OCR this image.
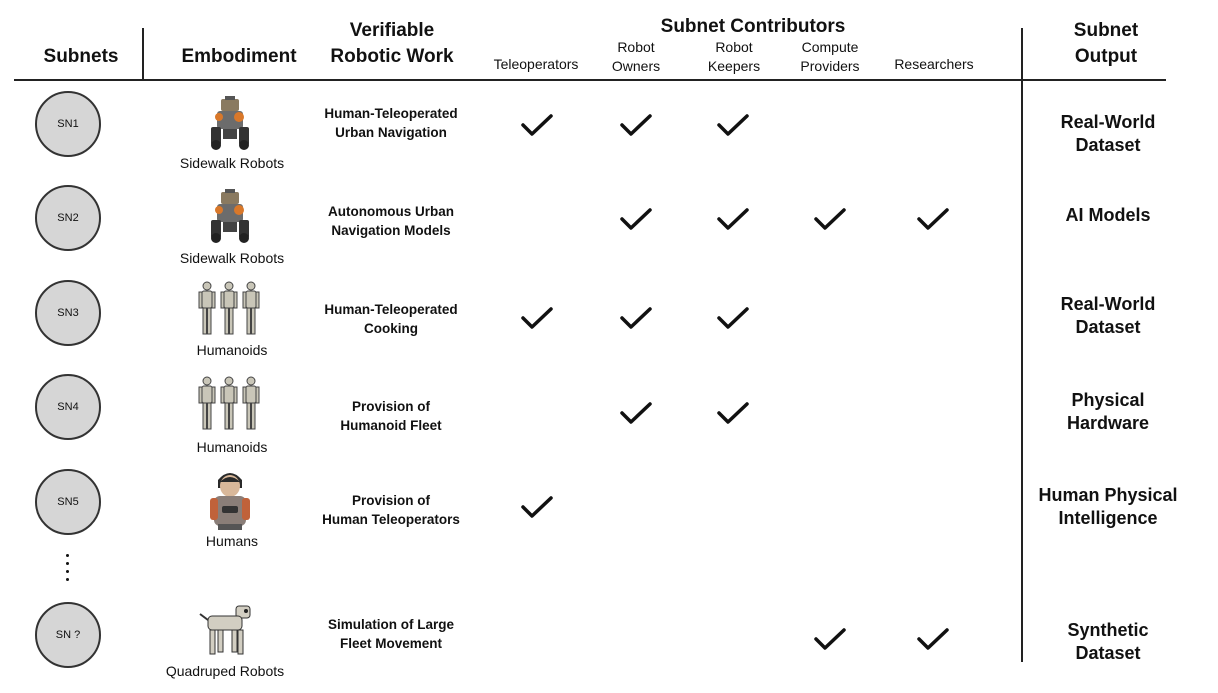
Subnets	Embodiment
Verifiable
Robotic Work
Subnet Contributors
Teleoperators
Robot
Owners
Robot
Keepers
Compute
Providers	Researchers
Subnet
Output
SN1
SN2
SN3
SN4
SN5
SN ?
Sidewalk Robots
Sidewalk Robots
Humanoids
Humanoids
Humans
Quadruped Robots
Human-Teleoperated
Urban Navigation
Autonomous Urban
Navigation Models
Human-Teleoperated
Cooking
Provision of
Humanoid Fleet
Provision of
Human Teleoperators
Simulation of Large
Fleet Movement
Real-World
Dataset
AI Models
Real-World
Dataset
Physical
Hardware
Human Physical
Intelligence
Synthetic
Dataset
